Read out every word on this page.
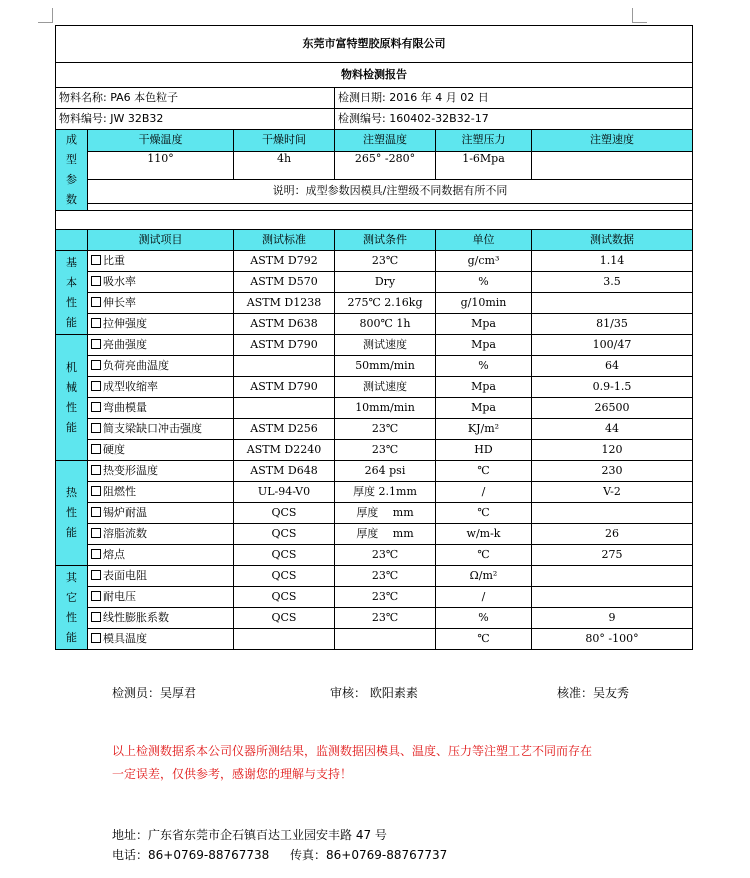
东莞市富特塑胶原料有限公司					
物料检测报告					
物料名称: PA6 本色粒子			检测日期: 2016 年 4 月 02 日		
物料编号: JW 32B32			检测编号: 160402-32B32-17		

成
型
参
数	干燥温度	干燥时间	注塑温度	注塑压力	注塑速度
	110°	4h	265° -280°	1-6Mpa	
	说明：成型参数因模具/注塑级不同数据有所不同				

	测试项目	测试标准	测试条件	单位	测试数据

基
本
性
能	比重	ASTM D792	23℃	g/cm³	1.14
	吸水率	ASTM D570	Dry	%	3.5
	伸长率	ASTM D1238	275℃ 2.16kg	g/10min	
	拉伸强度	ASTM D638	800℃ 1h	Mpa	81/35

机
械
性
能	亮曲强度	ASTM D790	测试速度	Mpa	100/47
	负荷亮曲温度		50mm/min	%	64
	成型收缩率	ASTM D790	测试速度	Mpa	0.9-1.5
	弯曲模量		10mm/min	Mpa	26500
	简支梁缺口冲击强度	ASTM D256	23℃	KJ/m²	44
	硬度	ASTM D2240	23℃	HD	120

热
性
能	热变形温度	ASTM D648	264 psi	℃	230
	阻燃性	UL-94-V0	厚度 2.1mm	/	V-2
	锡炉耐温	QCS	厚度　 mm	℃	
	溶脂流数	QCS	厚度　 mm	w/m-k	26
	熔点	QCS	23℃	℃	275

其
它
性
能	表面电阻	QCS	23℃	Ω/m²	
	耐电压	QCS	23℃	/	
	线性膨胀系数	QCS	23℃	%	9
	模具温度			℃	80° -100°
检测员：吴厚君	审核： 欧阳素素	核准：吴友秀
以上检测数据系本公司仪器所测结果，监测数据因模具、温度、压力等注塑工艺不同而存在
一定误差，仅供参考，感谢您的理解与支持！
地址：广东省东莞市企石镇百达工业园安丰路 47 号
电话：86+0769-88767738 传真：86+0769-88767737
